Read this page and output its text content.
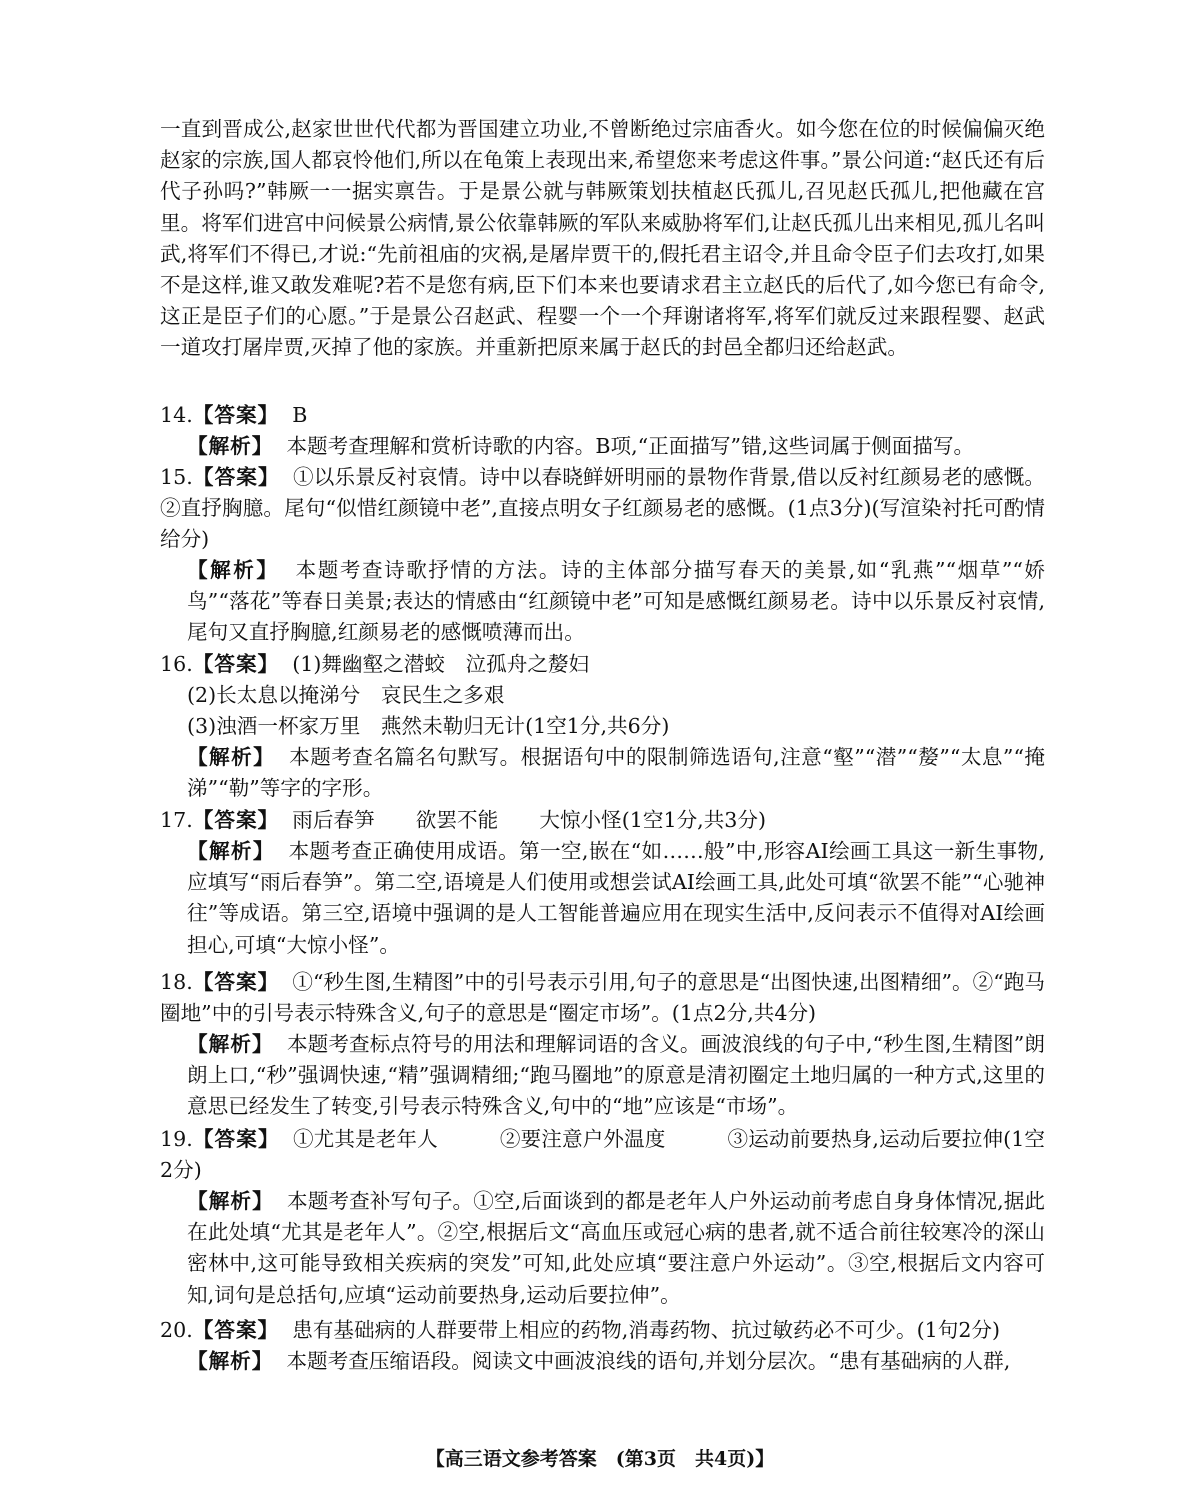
一直到晋成公,赵家世世代代都为晋国建立功业,不曾断绝过宗庙香火。如今您在位的时候偏偏灭绝赵家的宗族,国人都哀怜他们,所以在龟策上表现出来,希望您来考虑这件事。”景公问道:“赵氏还有后代子孙吗?”韩厥一一据实禀告。于是景公就与韩厥策划扶植赵氏孤儿,召见赵氏孤儿,把他藏在宫里。将军们进宫中问候景公病情,景公依靠韩厥的军队来威胁将军们,让赵氏孤儿出来相见,孤儿名叫武,将军们不得已,才说:“先前祖庙的灾祸,是屠岸贾干的,假托君主诏令,并且命令臣子们去攻打,如果不是这样,谁又敢发难呢?若不是您有病,臣下们本来也要请求君主立赵氏的后代了,如今您已有命令,这正是臣子们的心愿。”于是景公召赵武、程婴一个一个拜谢诸将军,将军们就反过来跟程婴、赵武一道攻打屠岸贾,灭掉了他的家族。并重新把原来属于赵氏的封邑全都归还给赵武。
14.【答案】 B
【解析】 本题考查理解和赏析诗歌的内容。B项,“正面描写”错,这些词属于侧面描写。
15.【答案】 ①以乐景反衬哀情。诗中以春晓鲜妍明丽的景物作背景,借以反衬红颜易老的感慨。②直抒胸臆。尾句“似惜红颜镜中老”,直接点明女子红颜易老的感慨。(1点3分)(写渲染衬托可酌情给分)
【解析】 本题考查诗歌抒情的方法。诗的主体部分描写春天的美景,如“乳燕”“烟草”“娇鸟”“落花”等春日美景;表达的情感由“红颜镜中老”可知是感慨红颜易老。诗中以乐景反衬哀情,尾句又直抒胸臆,红颜易老的感慨喷薄而出。
16.【答案】 (1)舞幽壑之潜蛟　泣孤舟之嫠妇
(2)长太息以掩涕兮　哀民生之多艰
(3)浊酒一杯家万里　燕然未勒归无计(1空1分,共6分)
【解析】 本题考查名篇名句默写。根据语句中的限制筛选语句,注意“壑”“潜”“嫠”“太息”“掩涕”“勒”等字的字形。
17.【答案】 雨后春笋　　欲罢不能　　大惊小怪(1空1分,共3分)
【解析】 本题考查正确使用成语。第一空,嵌在“如……般”中,形容AI绘画工具这一新生事物,应填写“雨后春笋”。第二空,语境是人们使用或想尝试AI绘画工具,此处可填“欲罢不能”“心驰神往”等成语。第三空,语境中强调的是人工智能普遍应用在现实生活中,反问表示不值得对AI绘画担心,可填“大惊小怪”。
18.【答案】 ①“秒生图,生精图”中的引号表示引用,句子的意思是“出图快速,出图精细”。②“跑马圈地”中的引号表示特殊含义,句子的意思是“圈定市场”。(1点2分,共4分)
【解析】 本题考查标点符号的用法和理解词语的含义。画波浪线的句子中,“秒生图,生精图”朗朗上口,“秒”强调快速,“精”强调精细;“跑马圈地”的原意是清初圈定土地归属的一种方式,这里的意思已经发生了转变,引号表示特殊含义,句中的“地”应该是“市场”。
19.【答案】 ①尤其是老年人　　　②要注意户外温度　　　③运动前要热身,运动后要拉伸(1空2分)
【解析】 本题考查补写句子。①空,后面谈到的都是老年人户外运动前考虑自身身体情况,据此在此处填“尤其是老年人”。②空,根据后文“高血压或冠心病的患者,就不适合前往较寒冷的深山密林中,这可能导致相关疾病的突发”可知,此处应填“要注意户外运动”。③空,根据后文内容可知,词句是总括句,应填“运动前要热身,运动后要拉伸”。
20.【答案】 患有基础病的人群要带上相应的药物,消毒药物、抗过敏药必不可少。(1句2分)
【解析】 本题考查压缩语段。阅读文中画波浪线的语句,并划分层次。“患有基础病的人群,
【高三语文参考答案　(第3页　共4页)】
